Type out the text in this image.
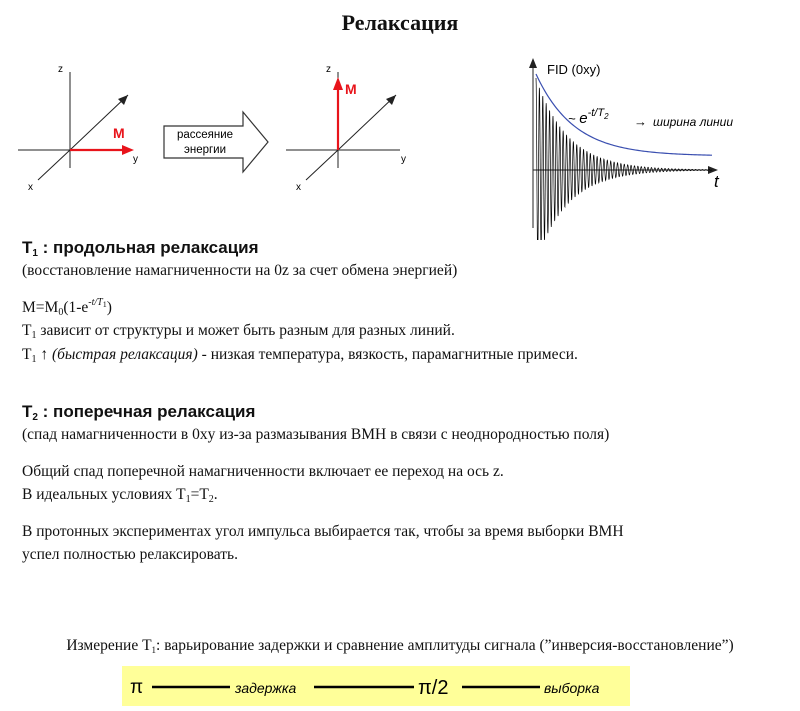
Релаксация
z
y
x
M	рассеяние
энергии
z
y
x
M
FID (0xy)
~ $e^{-t/T}_2$ → ширина линии
t
T1 : продольная релаксация
(восстановление намагниченности на 0z за счет обмена энергией)
$M=M0(1-e^{-t/T_1})$
T1 зависит от структуры и может быть разным для разных линий.
T1 ↑ (быстрая релаксация) - низкая температура, вязкость, парамагнитные примеси.
T2 : поперечная релаксация
(спад намагниченности в 0xy из-за размазывания ВМН в связи с неоднородностью поля)
Общий спад поперечной намагниченности включает ее переход на ось z.
В идеальных условиях T1=T2.
В протонных экспериментах угол импульса выбирается так, чтобы за время выборки ВМН
успел полностью релаксировать.
Измерение T1: варьирование задержки и сравнение амплитуды сигнала (”инверсия-восстановление”)
π	задержка	π/2	выборка
